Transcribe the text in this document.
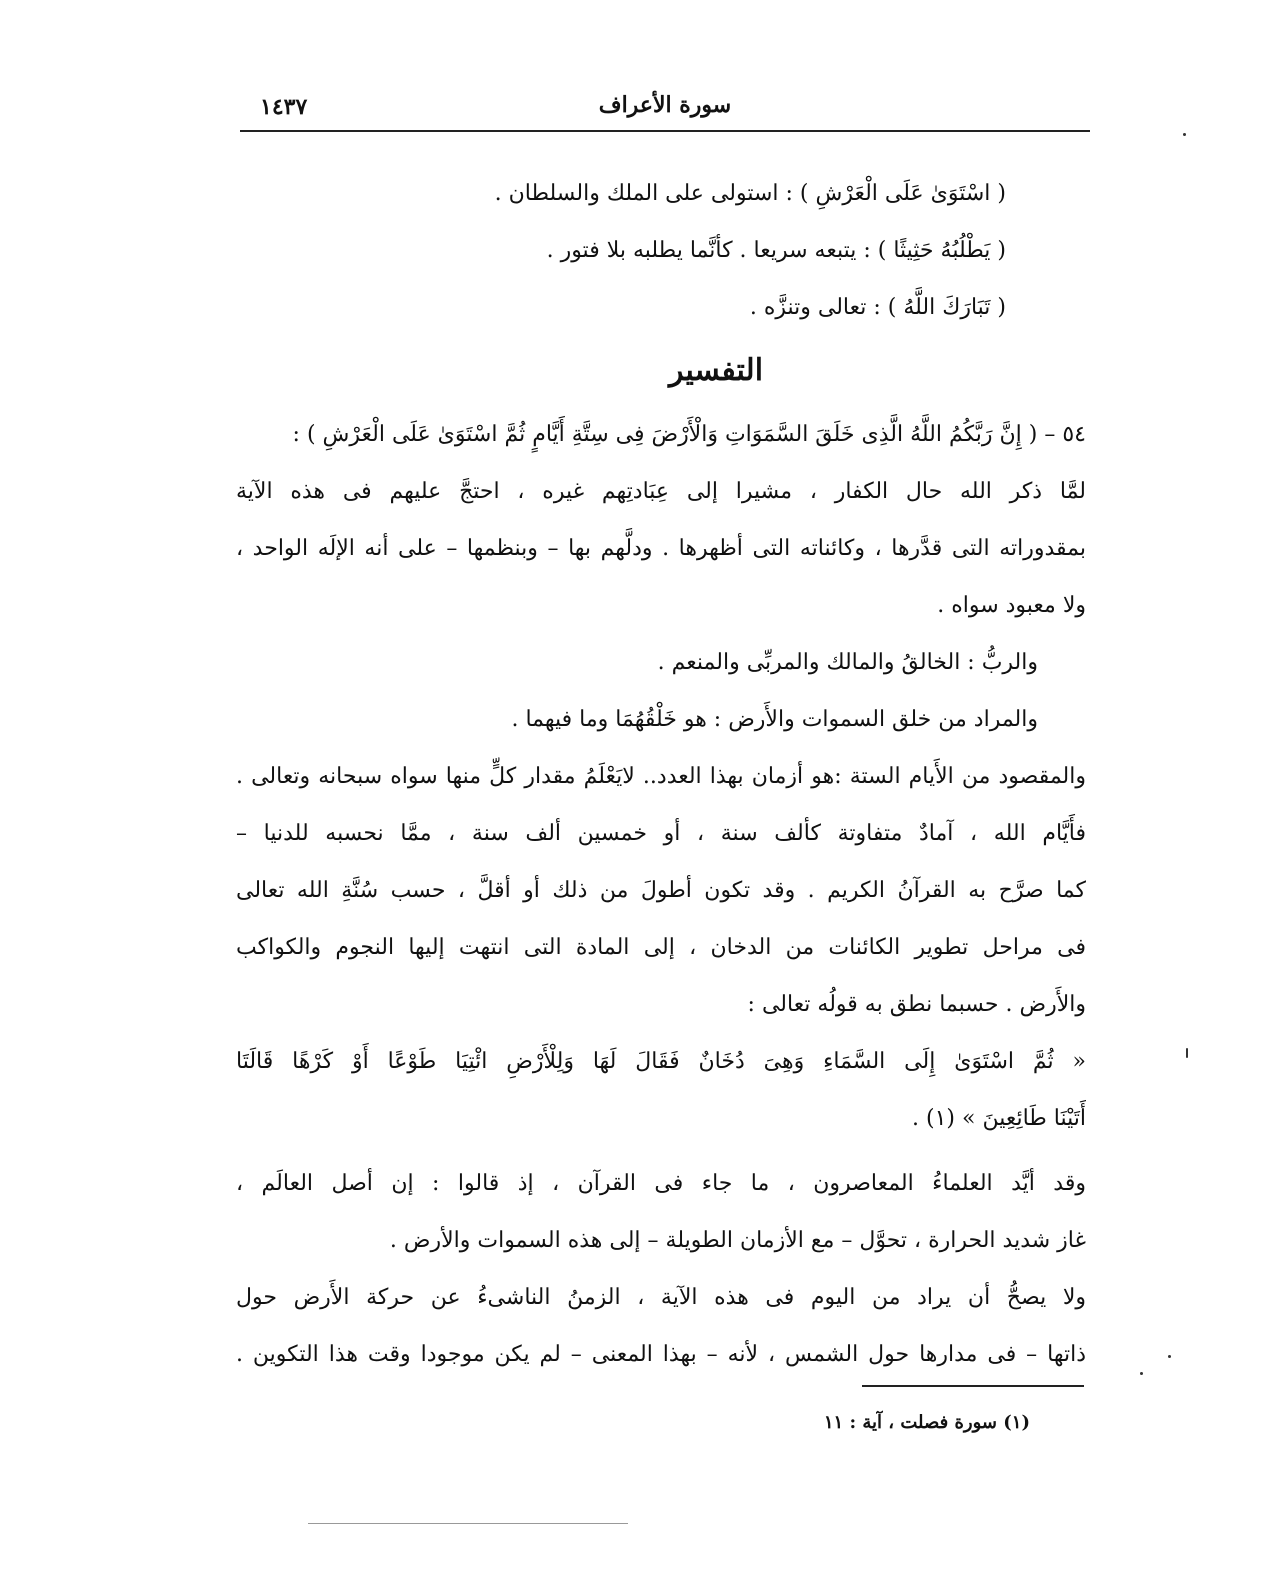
١٤٣٧	سورة الأعراف
( اسْتَوَىٰ عَلَى الْعَرْشِ ) : استولى على الملك والسلطان .
( يَطْلُبُهُ حَثِيثًا ) : يتبعه سريعا . كأنَّما يطلبه بلا فتور .
( تَبَارَكَ اللَّهُ ) : تعالى وتنزَّه .
التفسير
٥٤ – ( إِنَّ رَبَّكُمُ اللَّهُ الَّذِى خَلَقَ السَّمَوَاتِ وَالْأَرْضَ فِى سِتَّةِ أَيَّامٍ ثُمَّ اسْتَوَىٰ عَلَى الْعَرْشِ ) :
لمَّا ذكر الله حال الكفار ، مشيرا إلى عِبَادتِهم غيره ، احتجَّ عليهم فى هذه الآية
بمقدوراته التى قدَّرها ، وكائناته التى أظهرها . ودلَّهم بها – وبنظمها – على أنه الإلَه الواحد ،
ولا معبود سواه .
والربُّ : الخالقُ والمالك والمربِّى والمنعم .
والمراد من خلق السموات والأَرض : هو خَلْقُهُمَا وما فيهما .
والمقصود من الأَيام الستة :هو أزمان بهذا العدد.. لايَعْلَمُ مقدار كلٍّ منها سواه سبحانه وتعالى .
فأَيَّام الله ، آمادٌ متفاوتة كألف سنة ، أو خمسين ألف سنة ، ممَّا نحسبه للدنيا –
كما صرَّح به القرآنُ الكريم . وقد تكون أطولَ من ذلك أو أقلَّ ، حسب سُنَّةِ الله تعالى
فى مراحل تطوير الكائنات من الدخان ، إلى المادة التى انتهت إليها النجوم والكواكب
والأَرض . حسبما نطق به قولُه تعالى :
« ثُمَّ اسْتَوَىٰ إِلَى السَّمَاءِ وَهِىَ دُخَانٌ فَقَالَ لَهَا وَلِلْأَرْضِ ائْتِيَا طَوْعًا أَوْ كَرْهًا قَالَتَا
أَتَيْنَا طَائِعِينَ » (١) .
وقد أيَّد العلماءُ المعاصرون ، ما جاء فى القرآن ، إذ قالوا : إن أصل العالَم ،
غاز شديد الحرارة ، تحوَّل – مع الأزمان الطويلة – إلى هذه السموات والأرض .
ولا يصحُّ أن يراد من اليوم فى هذه الآية ، الزمنُ الناشىءُ عن حركة الأَرض حول
ذاتها – فى مدارها حول الشمس ، لأنه – بهذا المعنى – لم يكن موجودا وقت هذا التكوين .
(١) سورة فصلت ، آية : ١١
